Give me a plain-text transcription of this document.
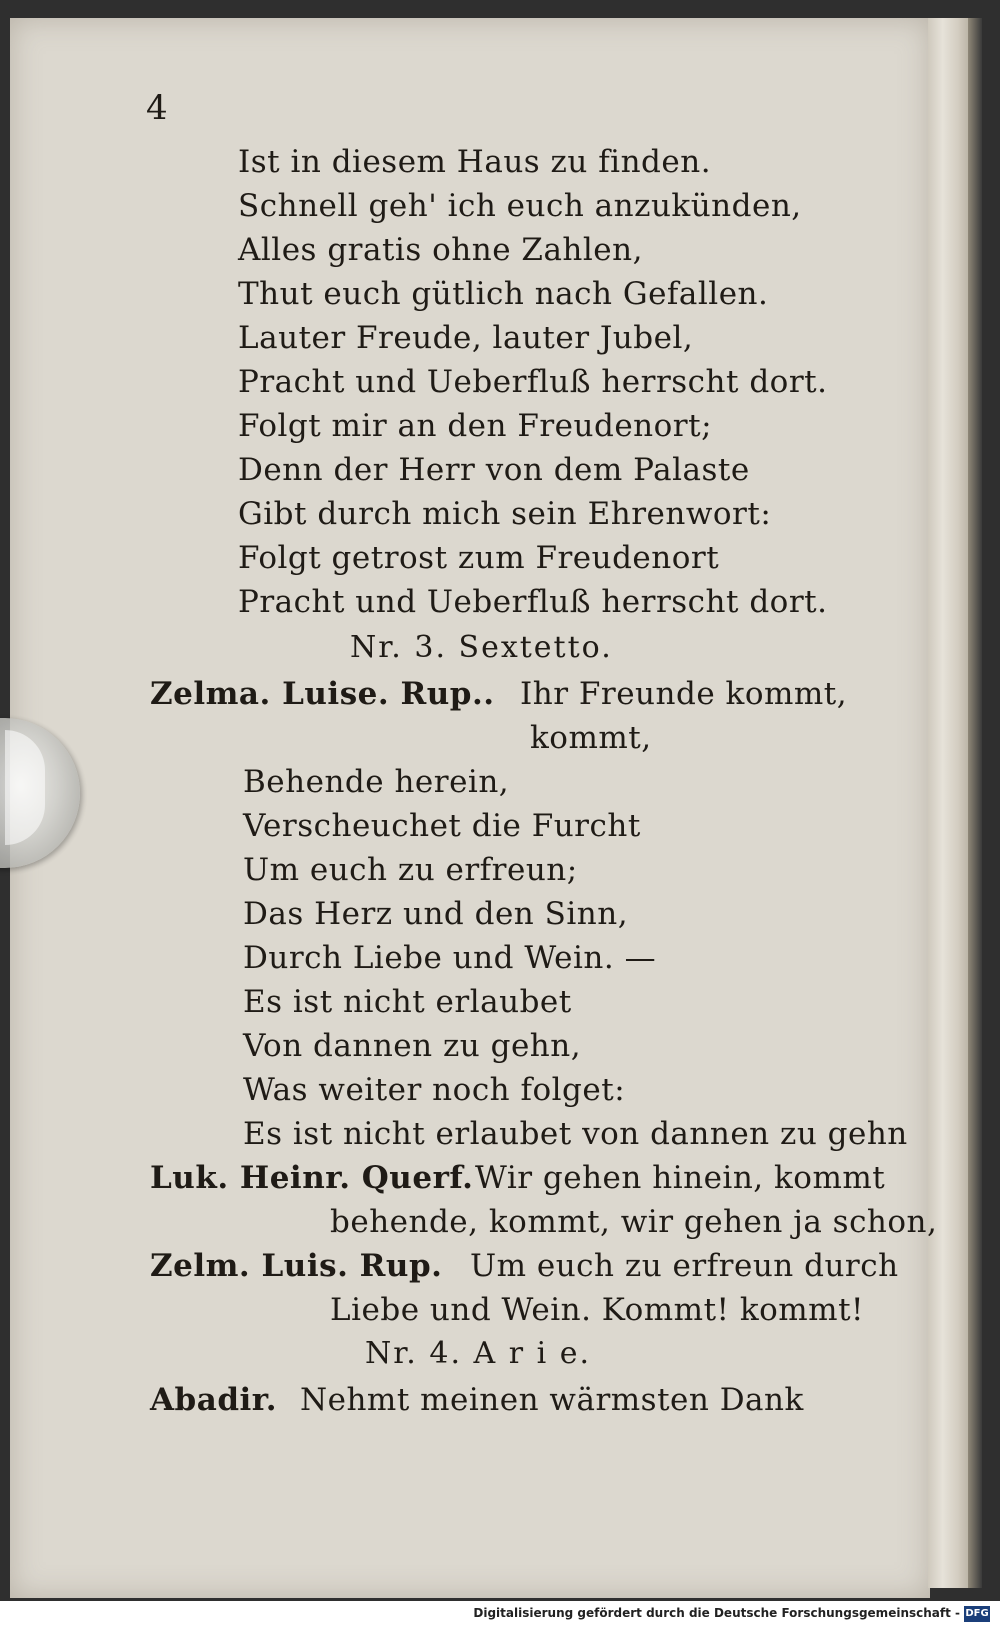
4
Ist in diesem Haus zu finden.
Schnell geh' ich euch anzukünden,
Alles gratis ohne Zahlen,
Thut euch gütlich nach Gefallen.
Lauter Freude, lauter Jubel,
Pracht und Ueberfluß herrscht dort.
Folgt mir an den Freudenort;
Denn der Herr von dem Palaste
Gibt durch mich sein Ehrenwort:
Folgt getrost zum Freudenort
Pracht und Ueberfluß herrscht dort.
Nr. 3. Sextetto.
Zelma. Luise. Rup.. Ihr Freunde kommt,
kommt,
Behende herein,
Verscheuchet die Furcht
Um euch zu erfreun;
Das Herz und den Sinn,
Durch Liebe und Wein. —
Es ist nicht erlaubet
Von dannen zu gehn,
Was weiter noch folget:
Es ist nicht erlaubet von dannen zu gehn
Luk. Heinr. Querf. Wir gehen hinein, kommt
behende, kommt, wir gehen ja schon,
Zelm. Luis. Rup. Um euch zu erfreun durch
Liebe und Wein. Kommt! kommt!
Nr. 4. A r i e.
Abadir. Nehmt meinen wärmsten Dank
Digitalisierung gefördert durch die Deutsche Forschungsgemeinschaft - DFG
